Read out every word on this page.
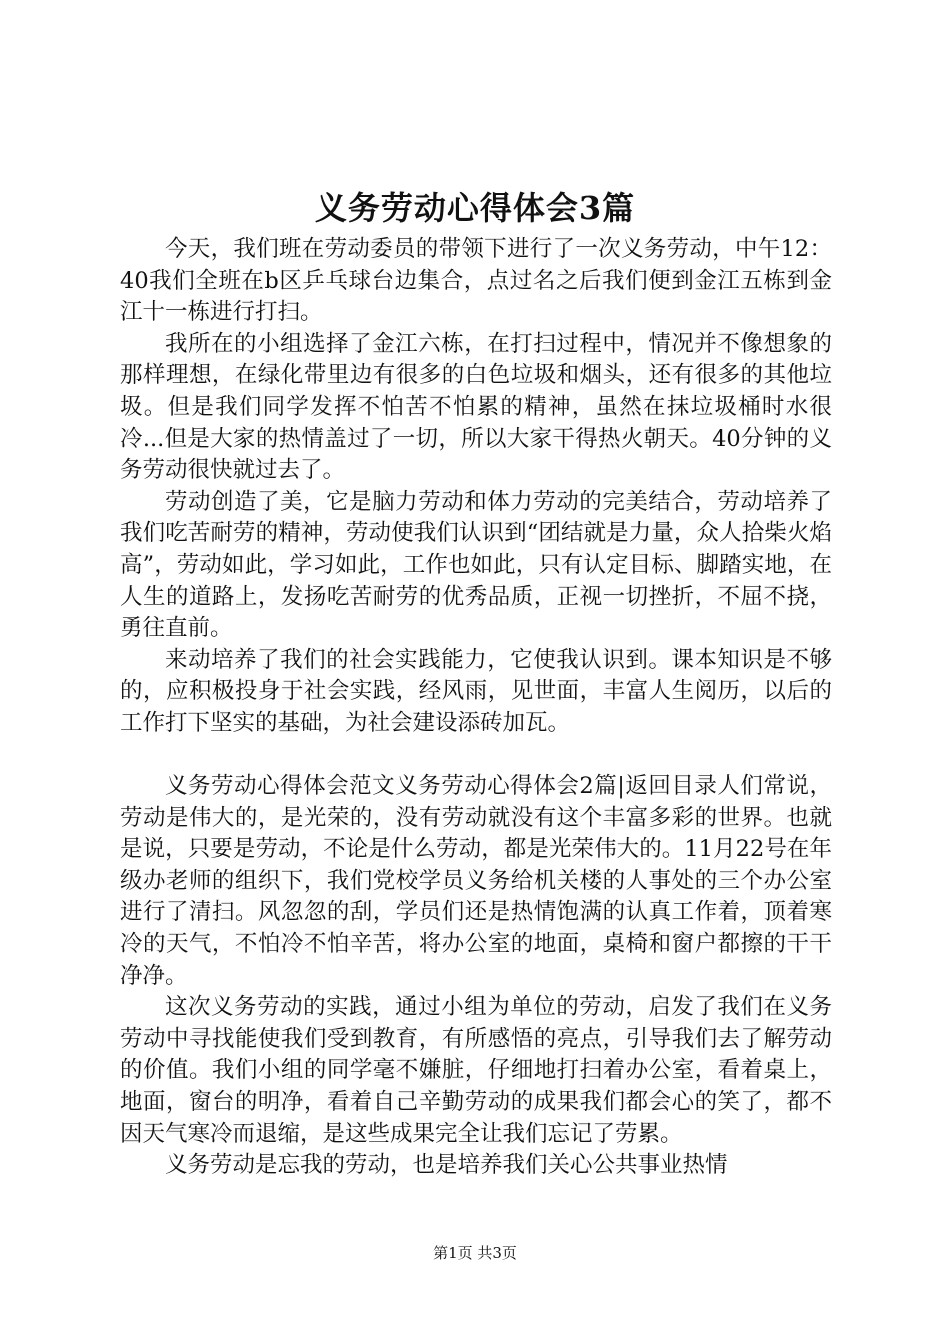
义务劳动心得体会3篇

今天，我们班在劳动委员的带领下进行了一次义务劳动，中午12：40我们全班在b区乒乓球台边集合，点过名之后我们便到金江五栋到金江十一栋进行打扫。

我所在的小组选择了金江六栋，在打扫过程中，情况并不像想象的那样理想，在绿化带里边有很多的白色垃圾和烟头，还有很多的其他垃圾。但是我们同学发挥不怕苦不怕累的精神，虽然在抹垃圾桶时水很冷...但是大家的热情盖过了一切，所以大家干得热火朝天。40分钟的义务劳动很快就过去了。

劳动创造了美，它是脑力劳动和体力劳动的完美结合，劳动培养了我们吃苦耐劳的精神，劳动使我们认识到“团结就是力量，众人拾柴火焰高”，劳动如此，学习如此，工作也如此，只有认定目标、脚踏实地，在人生的道路上，发扬吃苦耐劳的优秀品质，正视一切挫折，不屈不挠，勇往直前。

来动培养了我们的社会实践能力，它使我认识到。课本知识是不够的，应积极投身于社会实践，经风雨，见世面，丰富人生阅历，以后的工作打下坚实的基础，为社会建设添砖加瓦。

义务劳动心得体会范文义务劳动心得体会2篇|返回目录人们常说，劳动是伟大的，是光荣的，没有劳动就没有这个丰富多彩的世界。也就是说，只要是劳动，不论是什么劳动，都是光荣伟大的。11月22号在年级办老师的组织下，我们党校学员义务给机关楼的人事处的三个办公室进行了清扫。风忽忽的刮，学员们还是热情饱满的认真工作着，顶着寒冷的天气，不怕冷不怕辛苦，将办公室的地面，桌椅和窗户都擦的干干净净。

这次义务劳动的实践，通过小组为单位的劳动，启发了我们在义务劳动中寻找能使我们受到教育，有所感悟的亮点，引导我们去了解劳动的价值。我们小组的同学毫不嫌脏，仔细地打扫着办公室，看着桌上，地面，窗台的明净，看着自己辛勤劳动的成果我们都会心的笑了，都不因天气寒冷而退缩，是这些成果完全让我们忘记了劳累。

义务劳动是忘我的劳动，也是培养我们关心公共事业热情

第1页 共3页
